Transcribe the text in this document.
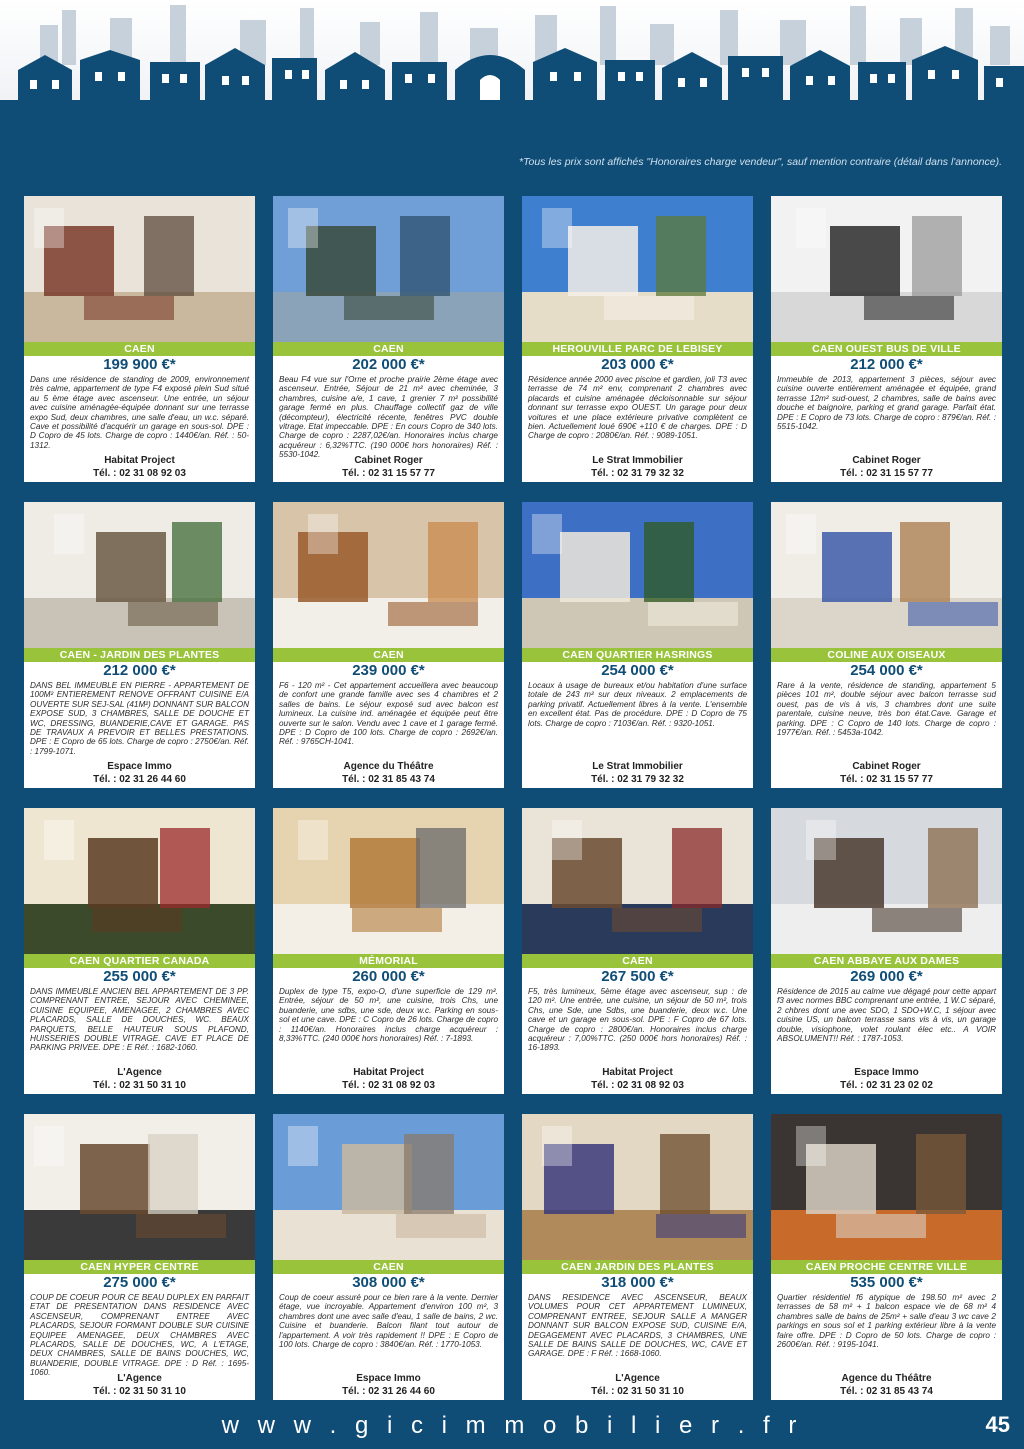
*Tous les prix sont affichés "Honoraires charge vendeur", sauf mention contraire (détail dans l'annonce).
CAEN
199 900 €*
Dans une résidence de standing de 2009, environnement très calme, appartement de type F4 exposé plein Sud situé au 5 ème étage avec ascenseur. Une entrée, un séjour avec cuisine aménagée-équipée donnant sur une terrasse expo Sud, deux chambres, une salle d'eau, un w.c. séparé. Cave et possibilité d'acquérir un garage en sous-sol. DPE : D Copro de 45 lots. Charge de copro : 1440€/an. Réf. : 50-1312.
Habitat Project
Tél. : 02 31 08 92 03
CAEN
202 000 €*
Beau F4 vue sur l'Orne et proche prairie 2ème étage avec ascenseur. Entrée, Séjour de 21 m² avec cheminée, 3 chambres, cuisine a/e, 1 cave, 1 grenier 7 m² possibilité garage fermé en plus. Chauffage collectif gaz de ville (décompteur), électricité récente, fenêtres PVC double vitrage. Etat impeccable. DPE : En cours Copro de 340 lots. Charge de copro : 2287,02€/an. Honoraires inclus charge acquéreur : 6,32%TTC. (190 000€ hors honoraires) Réf. : 5530-1042.
Cabinet Roger
Tél. : 02 31 15 57 77
HEROUVILLE PARC DE LEBISEY
203 000 €*
Résidence année 2000 avec piscine et gardien, joli T3 avec terrasse de 74 m² env, comprenant 2 chambres avec placards et cuisine aménagée décloisonnable sur séjour donnant sur terrasse expo OUEST. Un garage pour deux voitures et une place extérieure privative complètent ce bien. Actuellement loué 690€ +110 € de charges. DPE : D Charge de copro : 2080€/an. Réf. : 9089-1051.
Le Strat Immobilier
Tél. : 02 31 79 32 32
CAEN OUEST BUS DE VILLE
212 000 €*
Immeuble de 2013, appartement 3 pièces, séjour avec cuisine ouverte entièrement aménagée et équipée, grand terrasse 12m² sud-ouest, 2 chambres, salle de bains avec douche et baignoire, parking et grand garage. Parfait état. DPE : E Copro de 73 lots. Charge de copro : 879€/an. Réf. : 5515-1042.
Cabinet Roger
Tél. : 02 31 15 57 77
CAEN - JARDIN DES PLANTES
212 000 €*
DANS BEL IMMEUBLE EN PIERRE - APPARTEMENT DE 100M² ENTIEREMENT RENOVE OFFRANT CUISINE E/A OUVERTE SUR SEJ-SAL (41M²) DONNANT SUR BALCON EXPOSE SUD, 3 CHAMBRES, SALLE DE DOUCHE ET WC, DRESSING, BUANDERIE,CAVE ET GARAGE. PAS DE TRAVAUX A PREVOIR ET BELLES PRESTATIONS. DPE : E Copro de 65 lots. Charge de copro : 2750€/an. Réf. : 1799-1071.
Espace Immo
Tél. : 02 31 26 44 60
CAEN
239 000 €*
F6 - 120 m² - Cet appartement accueillera avec beaucoup de confort une grande famille avec ses 4 chambres et 2 salles de bains. Le séjour exposé sud avec balcon est lumineux. La cuisine ind. aménagée et équipée peut être ouverte sur le salon. Vendu avec 1 cave et 1 garage fermé. DPE : D Copro de 100 lots. Charge de copro : 2692€/an. Réf. : 9765CH-1041.
Agence du Théâtre
Tél. : 02 31 85 43 74
CAEN QUARTIER HASRINGS
254 000 €*
Locaux à usage de bureaux et/ou habitation d'une surface totale de 243 m² sur deux niveaux. 2 emplacements de parking privatif. Actuellement libres à la vente. L'ensemble en excellent état. Pas de procédure. DPE : D Copro de 75 lots. Charge de copro : 7103€/an. Réf. : 9320-1051.
Le Strat Immobilier
Tél. : 02 31 79 32 32
COLINE AUX OISEAUX
254 000 €*
Rare à la vente, résidence de standing, appartement 5 pièces 101 m², double séjour avec balcon terrasse sud ouest, pas de vis à vis, 3 chambres dont une suite parentale, cuisine neuve, très bon état.Cave. Garage et parking. DPE : C Copro de 140 lots. Charge de copro : 1977€/an. Réf. : 5453a-1042.
Cabinet Roger
Tél. : 02 31 15 57 77
CAEN QUARTIER CANADA
255 000 €*
DANS IMMEUBLE ANCIEN BEL APPARTEMENT DE 3 PP. COMPRENANT ENTREE, SEJOUR AVEC CHEMINEE, CUISINE EQUIPEE, AMENAGEE, 2 CHAMBRES AVEC PLACARDS, SALLE DE DOUCHES, WC. BEAUX PARQUETS, BELLE HAUTEUR SOUS PLAFOND, HUISSERIES DOUBLE VITRAGE. CAVE ET PLACE DE PARKING PRIVEE. DPE : E Réf. : 1682-1060.
L'Agence
Tél. : 02 31 50 31 10
MÉMORIAL
260 000 €*
Duplex de type T5, expo-O, d'une superficie de 129 m². Entrée, séjour de 50 m², une cuisine, trois Chs, une buanderie, une sdbs, une sde, deux w.c. Parking en sous-sol et une cave. DPE : C Copro de 26 lots. Charge de copro : 1140€/an. Honoraires inclus charge acquéreur : 8,33%TTC. (240 000€ hors honoraires) Réf. : 7-1893.
Habitat Project
Tél. : 02 31 08 92 03
CAEN
267 500 €*
F5, très lumineux, 5ème étage avec ascenseur, sup : de 120 m². Une entrée, une cuisine, un séjour de 50 m², trois Chs, une Sde, une Sdbs, une buanderie, deux w.c. Une cave et un garage en sous-sol. DPE : F Copro de 67 lots. Charge de copro : 2800€/an. Honoraires inclus charge acquéreur : 7,00%TTC. (250 000€ hors honoraires) Réf. : 16-1893.
Habitat Project
Tél. : 02 31 08 92 03
CAEN ABBAYE AUX DAMES
269 000 €*
Résidence de 2015 au calme vue dégagé pour cette appart f3 avec normes BBC comprenant une entrée, 1 W.C séparé, 2 chbres dont une avec SDO, 1 SDO+W.C, 1 séjour avec cuisine US, un balcon terrasse sans vis à vis, un garage double, visiophone, volet roulant élec etc.. A VOIR ABSOLUMENT!! Réf. : 1787-1053.
Espace Immo
Tél. : 02 31 23 02 02
CAEN HYPER CENTRE
275 000 €*
COUP DE COEUR POUR CE BEAU DUPLEX EN PARFAIT ETAT DE PRESENTATION DANS RESIDENCE AVEC ASCENSEUR, COMPRENANT ENTREE AVEC PLACARDS, SEJOUR FORMANT DOUBLE SUR CUISINE EQUIPEE AMENAGEE, DEUX CHAMBRES AVEC PLACARDS, SALLE DE DOUCHES, WC, A L'ETAGE, DEUX CHAMBRES, SALLE DE BAINS DOUCHES, WC, BUANDERIE, DOUBLE VITRAGE. DPE : D Réf. : 1695-1060.
L'Agence
Tél. : 02 31 50 31 10
CAEN
308 000 €*
Coup de coeur assuré pour ce bien rare à la vente. Dernier étage, vue incroyable. Appartement d'environ 100 m², 3 chambres dont une avec salle d'eau, 1 salle de bains, 2 wc. Cuisine et buanderie. Balcon filant tout autour de l'appartement. A voir très rapidement !! DPE : E Copro de 100 lots. Charge de copro : 3840€/an. Réf. : 1770-1053.
Espace Immo
Tél. : 02 31 26 44 60
CAEN JARDIN DES PLANTES
318 000 €*
DANS RESIDENCE AVEC ASCENSEUR, BEAUX VOLUMES POUR CET APPARTEMENT LUMINEUX, COMPRENANT ENTREE, SEJOUR SALLE A MANGER DONNANT SUR BALCON EXPOSE SUD, CUISINE E/A, DEGAGEMENT AVEC PLACARDS, 3 CHAMBRES, UNE SALLE DE BAINS SALLE DE DOUCHES, WC, CAVE ET GARAGE. DPE : F Réf. : 1668-1060.
L'Agence
Tél. : 02 31 50 31 10
CAEN PROCHE CENTRE VILLE
535 000 €*
Quartier résidentiel f6 atypique de 198.50 m² avec 2 terrasses de 58 m² + 1 balcon espace vie de 68 m² 4 chambres salle de bains de 25m² + salle d'eau 3 wc cave 2 parkings en sous sol et 1 parking extérieur libre à la vente faire offre. DPE : D Copro de 50 lots. Charge de copro : 2600€/an. Réf. : 9195-1041.
Agence du Théâtre
Tél. : 02 31 85 43 74
w w w . g i c i m m o b i l i e r . f r	45
